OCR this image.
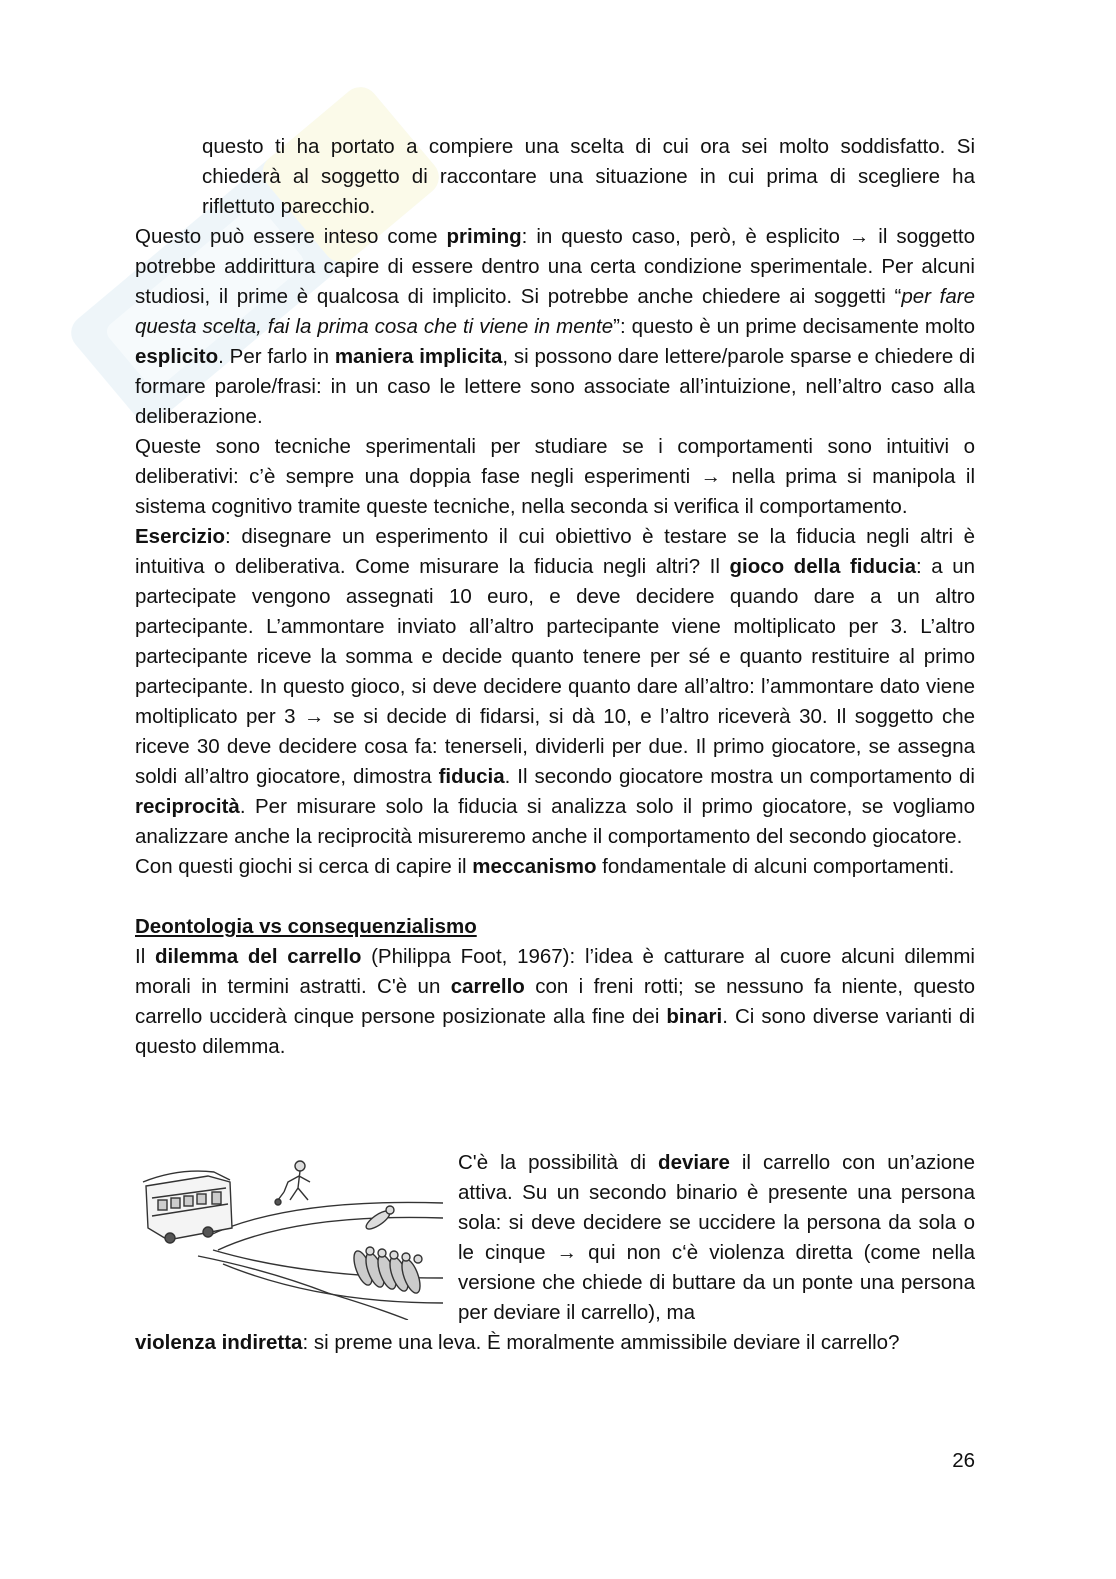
questo ti ha portato a compiere una scelta di cui ora sei molto soddisfatto. Si chiederà al soggetto di raccontare una situazione in cui prima di scegliere ha riflettuto parecchio.

Questo può essere inteso come priming: in questo caso, però, è esplicito → il soggetto potrebbe addirittura capire di essere dentro una certa condizione sperimentale. Per alcuni studiosi, il prime è qualcosa di implicito. Si potrebbe anche chiedere ai soggetti “per fare questa scelta, fai la prima cosa che ti viene in mente”: questo è un prime decisamente molto esplicito. Per farlo in maniera implicita, si possono dare lettere/parole sparse e chiedere di formare parole/frasi: in un caso le lettere sono associate all’intuizione, nell’altro caso alla deliberazione.

Queste sono tecniche sperimentali per studiare se i comportamenti sono intuitivi o deliberativi: c’è sempre una doppia fase negli esperimenti → nella prima si manipola il sistema cognitivo tramite queste tecniche, nella seconda si verifica il comportamento.

Esercizio: disegnare un esperimento il cui obiettivo è testare se la fiducia negli altri è intuitiva o deliberativa. Come misurare la fiducia negli altri? Il gioco della fiducia: a un partecipate vengono assegnati 10 euro, e deve decidere quando dare a un altro partecipante. L’ammontare inviato all’altro partecipante viene moltiplicato per 3. L’altro partecipante riceve la somma e decide quanto tenere per sé e quanto restituire al primo partecipante. In questo gioco, si deve decidere quanto dare all’altro: l’ammontare dato viene moltiplicato per 3 → se si decide di fidarsi, si dà 10, e l’altro riceverà 30. Il soggetto che riceve 30 deve decidere cosa fa: tenerseli, dividerli per due. Il primo giocatore, se assegna soldi all’altro giocatore, dimostra fiducia. Il secondo giocatore mostra un comportamento di reciprocità. Per misurare solo la fiducia si analizza solo il primo giocatore, se vogliamo analizzare anche la reciprocità misureremo anche il comportamento del secondo giocatore.

Con questi giochi si cerca di capire il meccanismo fondamentale di alcuni comportamenti.

Deontologia vs consequenzialismo

Il dilemma del carrello (Philippa Foot, 1967): l’idea è catturare al cuore alcuni dilemmi morali in termini astratti. C'è un carrello con i freni rotti; se nessuno fa niente, questo carrello ucciderà cinque persone posizionate alla fine dei binari. Ci sono diverse varianti di questo dilemma.

C'è la possibilità di deviare il carrello con un’azione attiva. Su un secondo binario è presente una persona sola: si deve decidere se uccidere la persona da sola o le cinque → qui non c‘è violenza diretta (come nella versione che chiede di buttare da un ponte una persona per deviare il carrello), ma

violenza indiretta: si preme una leva. È moralmente ammissibile deviare il carrello?

26
